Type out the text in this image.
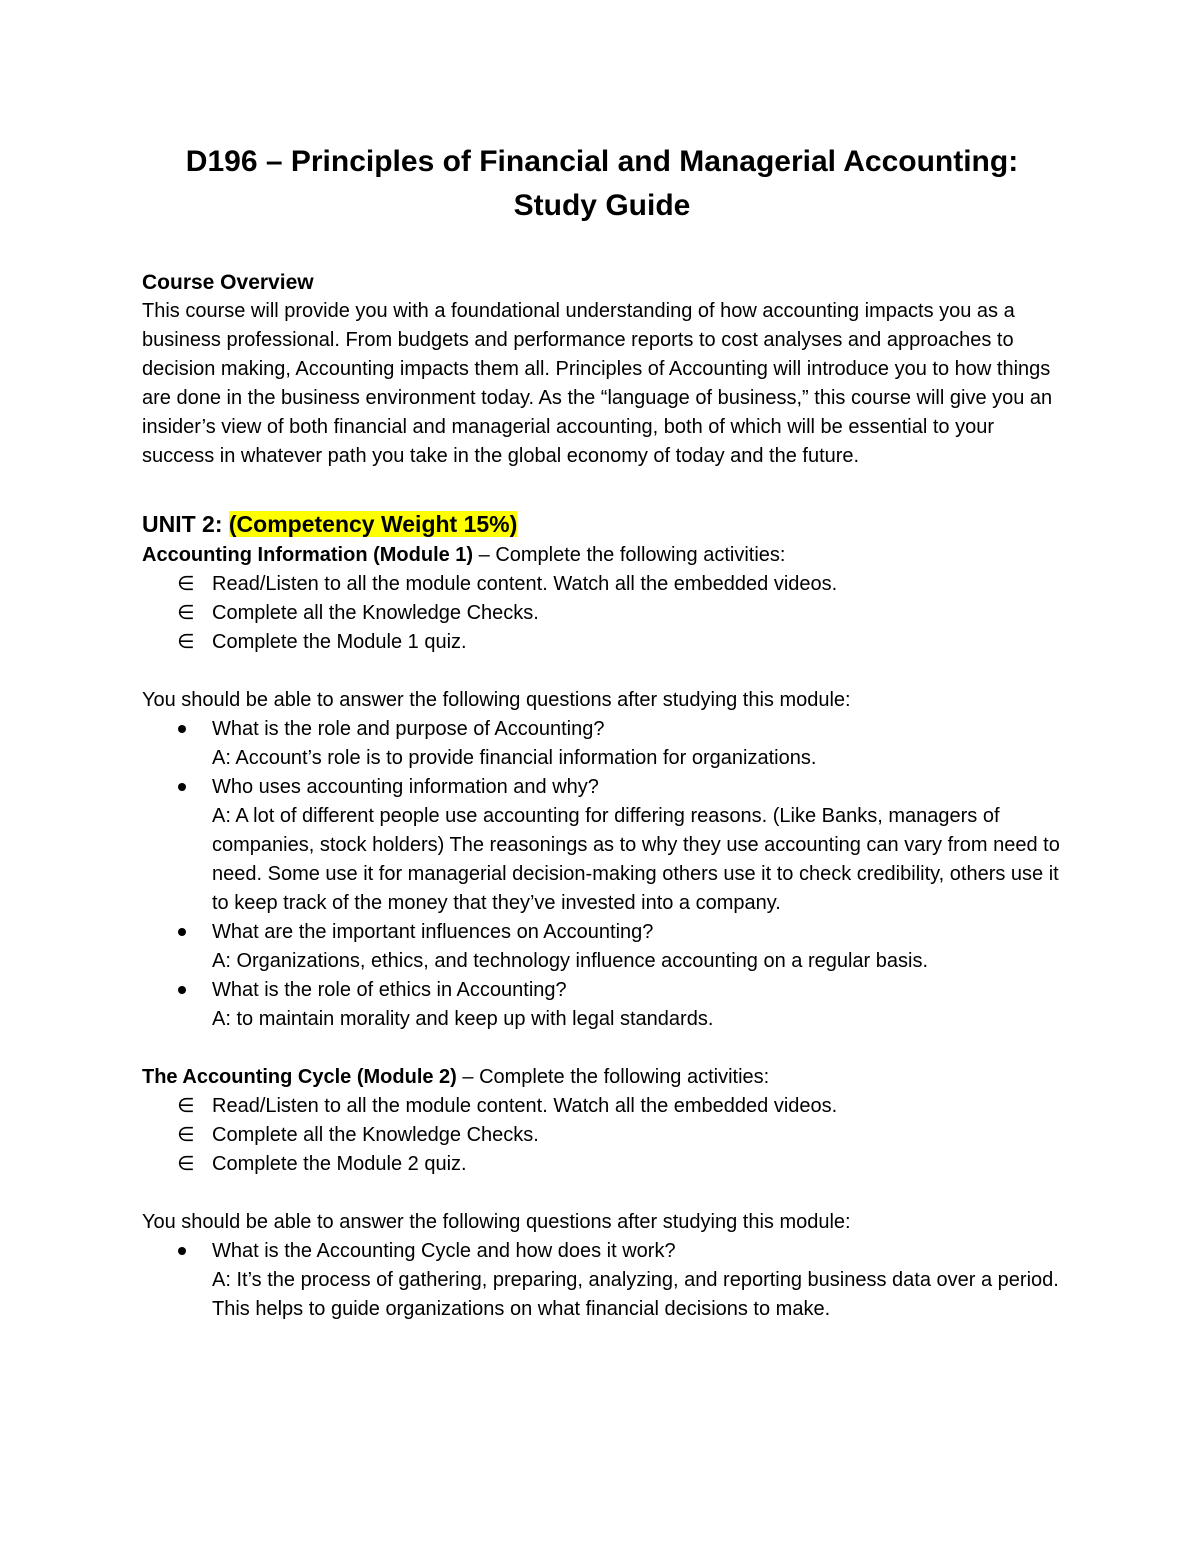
D196 – Principles of Financial and Managerial Accounting:
Study Guide

Course Overview

This course will provide you with a foundational understanding of how accounting impacts you as a business professional. From budgets and performance reports to cost analyses and approaches to decision making, Accounting impacts them all. Principles of Accounting will introduce you to how things are done in the business environment today. As the “language of business,” this course will give you an insider’s view of both financial and managerial accounting, both of which will be essential to your success in whatever path you take in the global economy of today and the future.

UNIT 2: (Competency Weight 15%)

Accounting Information (Module 1) – Complete the following activities:

∈ Read/Listen to all the module content. Watch all the embedded videos.
∈ Complete all the Knowledge Checks.
∈ Complete the Module 1 quiz.

You should be able to answer the following questions after studying this module:

What is the role and purpose of Accounting?
A: Account’s role is to provide financial information for organizations.
Who uses accounting information and why?
A: A lot of different people use accounting for differing reasons. (Like Banks, managers of companies, stock holders) The reasonings as to why they use accounting can vary from need to need. Some use it for managerial decision-making others use it to check credibility, others use it to keep track of the money that they’ve invested into a company.
What are the important influences on Accounting?
A: Organizations, ethics, and technology influence accounting on a regular basis.
What is the role of ethics in Accounting?
A: to maintain morality and keep up with legal standards.

The Accounting Cycle (Module 2) – Complete the following activities:

∈ Read/Listen to all the module content. Watch all the embedded videos.
∈ Complete all the Knowledge Checks.
∈ Complete the Module 2 quiz.

You should be able to answer the following questions after studying this module:

What is the Accounting Cycle and how does it work?
A: It’s the process of gathering, preparing, analyzing, and reporting business data over a period. This helps to guide organizations on what financial decisions to make.
